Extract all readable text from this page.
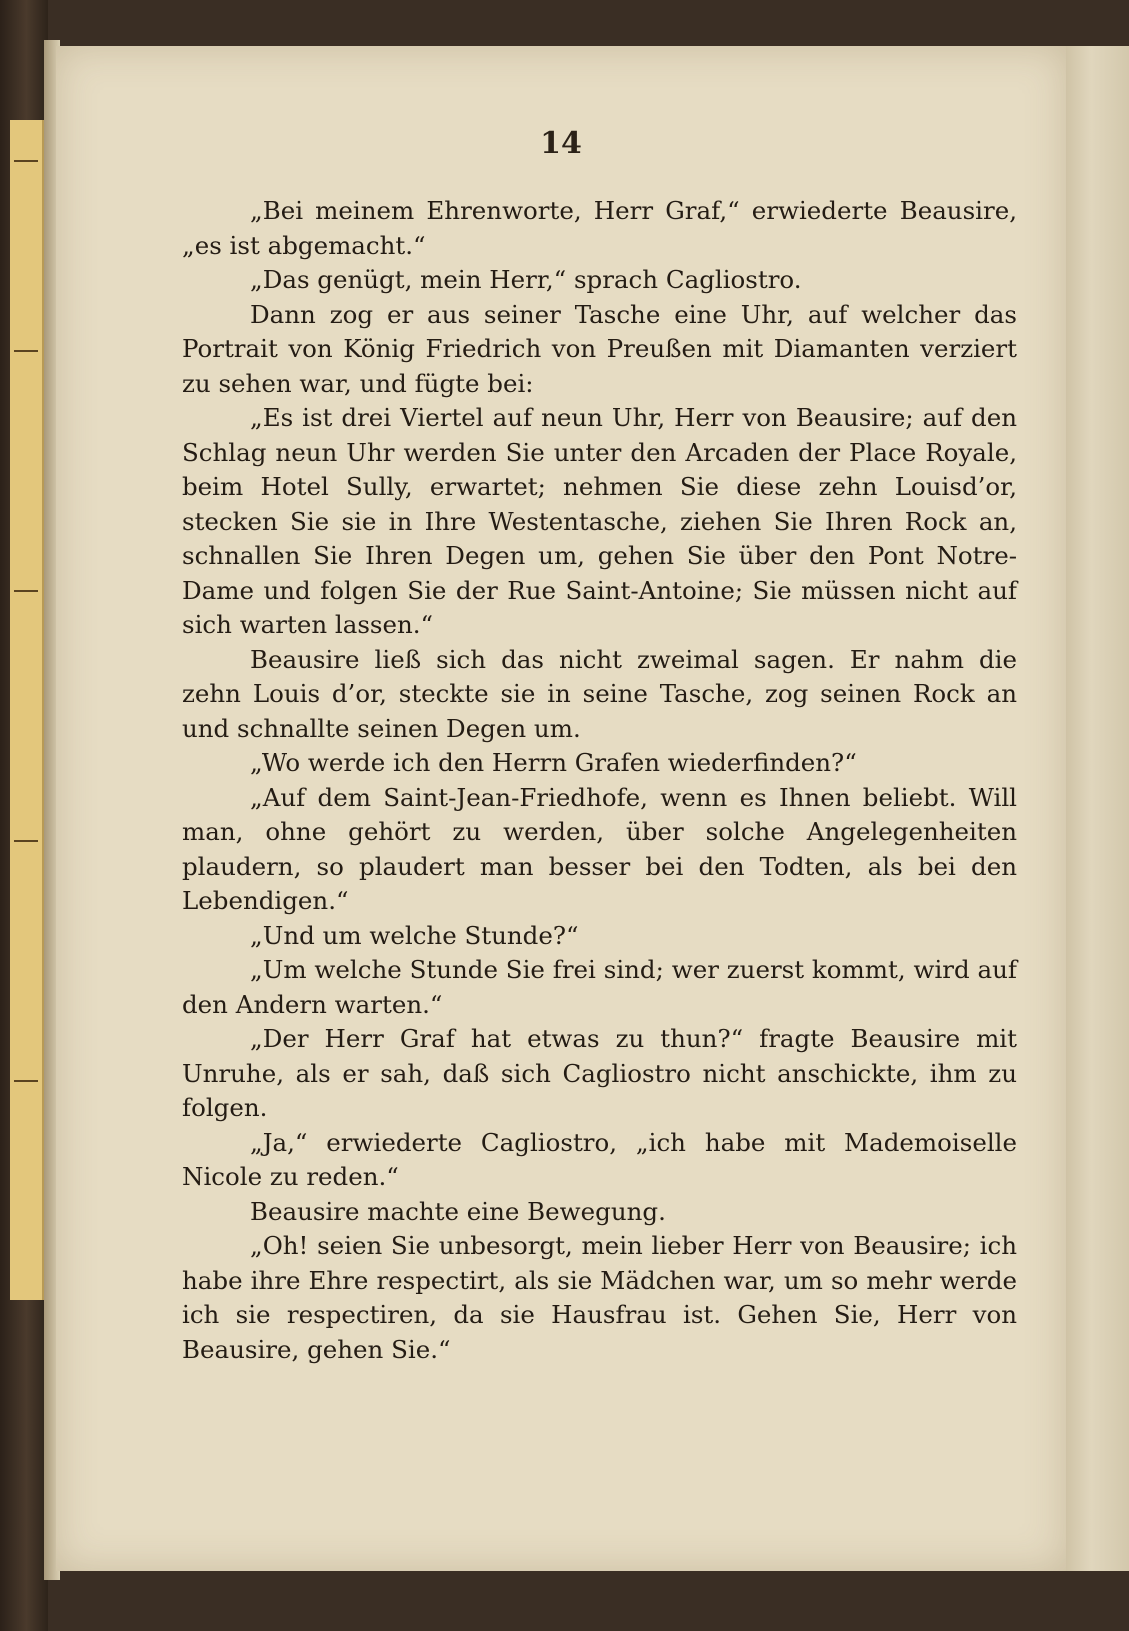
14

„Bei meinem Ehrenworte, Herr Graf,“ erwiederte Beausire, „es ist abgemacht.“

„Das genügt, mein Herr,“ sprach Cagliostro.

Dann zog er aus seiner Tasche eine Uhr, auf welcher das Portrait von König Friedrich von Preußen mit Diamanten verziert zu sehen war, und fügte bei:

„Es ist drei Viertel auf neun Uhr, Herr von Beausire; auf den Schlag neun Uhr werden Sie unter den Arcaden der Place Royale, beim Hotel Sully, erwartet; nehmen Sie diese zehn Louisd’or, stecken Sie sie in Ihre Westentasche, ziehen Sie Ihren Rock an, schnallen Sie Ihren Degen um, gehen Sie über den Pont Notre-Dame und folgen Sie der Rue Saint-Antoine; Sie müssen nicht auf sich warten lassen.“

Beausire ließ sich das nicht zweimal sagen. Er nahm die zehn Louis d’or, steckte sie in seine Tasche, zog seinen Rock an und schnallte seinen Degen um.

„Wo werde ich den Herrn Grafen wiederfinden?“

„Auf dem Saint-Jean-Friedhofe, wenn es Ihnen beliebt. Will man, ohne gehört zu werden, über solche Angelegenheiten plaudern, so plaudert man besser bei den Todten, als bei den Lebendigen.“

„Und um welche Stunde?“

„Um welche Stunde Sie frei sind; wer zuerst kommt, wird auf den Andern warten.“

„Der Herr Graf hat etwas zu thun?“ fragte Beausire mit Unruhe, als er sah, daß sich Cagliostro nicht anschickte, ihm zu folgen.

„Ja,“ erwiederte Cagliostro, „ich habe mit Mademoiselle Nicole zu reden.“

Beausire machte eine Bewegung.

„Oh! seien Sie unbesorgt, mein lieber Herr von Beausire; ich habe ihre Ehre respectirt, als sie Mädchen war, um so mehr werde ich sie respectiren, da sie Hausfrau ist. Gehen Sie, Herr von Beausire, gehen Sie.“
